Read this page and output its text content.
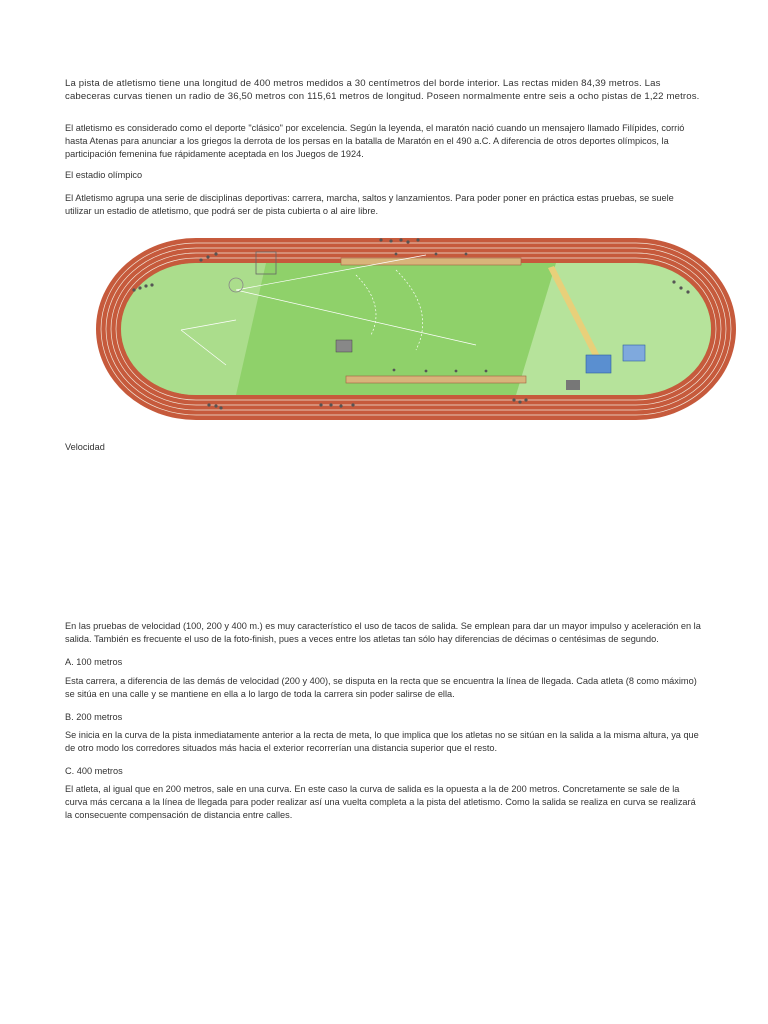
La pista de atletismo tiene una longitud de 400 metros medidos a 30 centímetros del borde interior. Las rectas miden 84,39 metros. Las cabeceras curvas tienen un radio de 36,50 metros con 115,61 metros de longitud. Poseen normalmente entre seis a ocho pistas de 1,22 metros.

El atletismo es considerado como el deporte "clásico" por excelencia. Según la leyenda, el maratón nació cuando un mensajero llamado Filípides, corrió hasta Atenas para anunciar a los griegos la derrota de los persas en la batalla de Maratón en el 490 a.C. A diferencia de otros deportes olímpicos, la participación femenina fue rápidamente aceptada en los Juegos de 1924.

El estadio olímpico

El Atletismo agrupa una serie de disciplinas deportivas: carrera, marcha, saltos y lanzamientos. Para poder poner en práctica estas pruebas, se suele utilizar un estadio de atletismo, que podrá ser de pista cubierta o al aire libre.

Velocidad

En las pruebas de velocidad (100, 200 y 400 m.) es muy característico el uso de tacos de salida. Se emplean para dar un mayor impulso y aceleración en la salida. También es frecuente el uso de la foto-finish, pues a veces entre los atletas tan sólo hay diferencias de décimas o centésimas de segundo.

A. 100 metros

Esta carrera, a diferencia de las demás de velocidad (200 y 400), se disputa en la recta que se encuentra la línea de llegada. Cada atleta (8 como máximo) se sitúa en una calle y se mantiene en ella a lo largo de toda la carrera sin poder salirse de ella.

B. 200 metros

Se inicia en la curva de la pista inmediatamente anterior a la recta de meta, lo que implica que los atletas no se sitúan en la salida a la misma altura, ya que de otro modo los corredores situados más hacia el exterior recorrerían una distancia superior que el resto.

C. 400 metros

El atleta, al igual que en 200 metros, sale en una curva. En este caso la curva de salida es la opuesta a la de 200 metros. Concretamente se sale de la curva más cercana a la línea de llegada para poder realizar así una vuelta completa a la pista del atletismo. Como la salida se realiza en curva se realizará la consecuente compensación de distancia entre calles.
